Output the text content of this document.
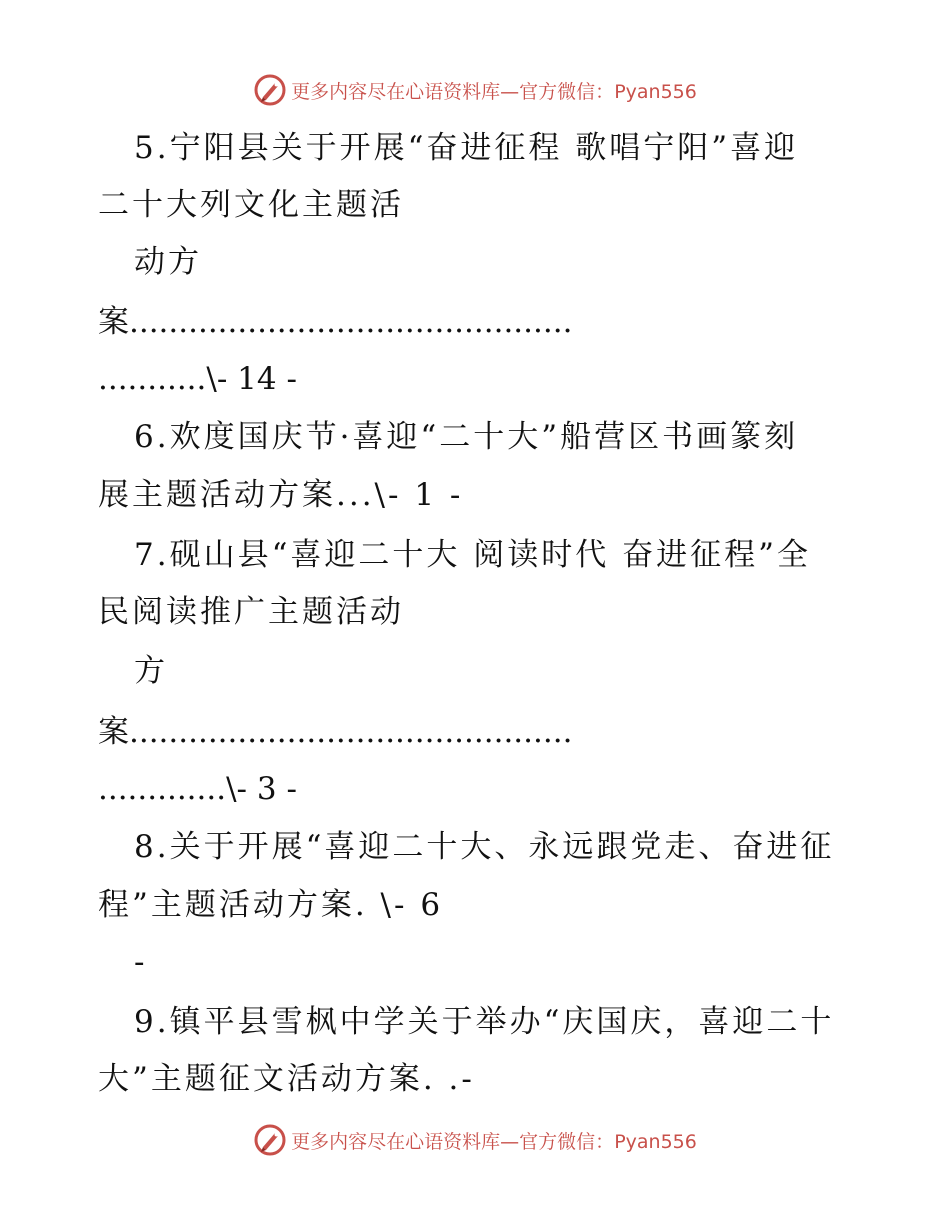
更多内容尽在心语资料库—官方微信：Pyan556
5.宁阳县关于开展“奋进征程 歌唱宁阳”喜迎
二十大列文化主题活
动方
案.............................................
...........\- 14 -
6.欢度国庆节·喜迎“二十大”船营区书画篆刻
展主题活动方案...\- 1 -
7.砚山县“喜迎二十大 阅读时代 奋进征程”全
民阅读推广主题活动
方
案.............................................
.............\- 3 -
8.关于开展“喜迎二十大、永远跟党走、奋进征
程”主题活动方案. \- 6
-
9.镇平县雪枫中学关于举办“庆国庆，喜迎二十
大”主题征文活动方案. .-
更多内容尽在心语资料库—官方微信：Pyan556
